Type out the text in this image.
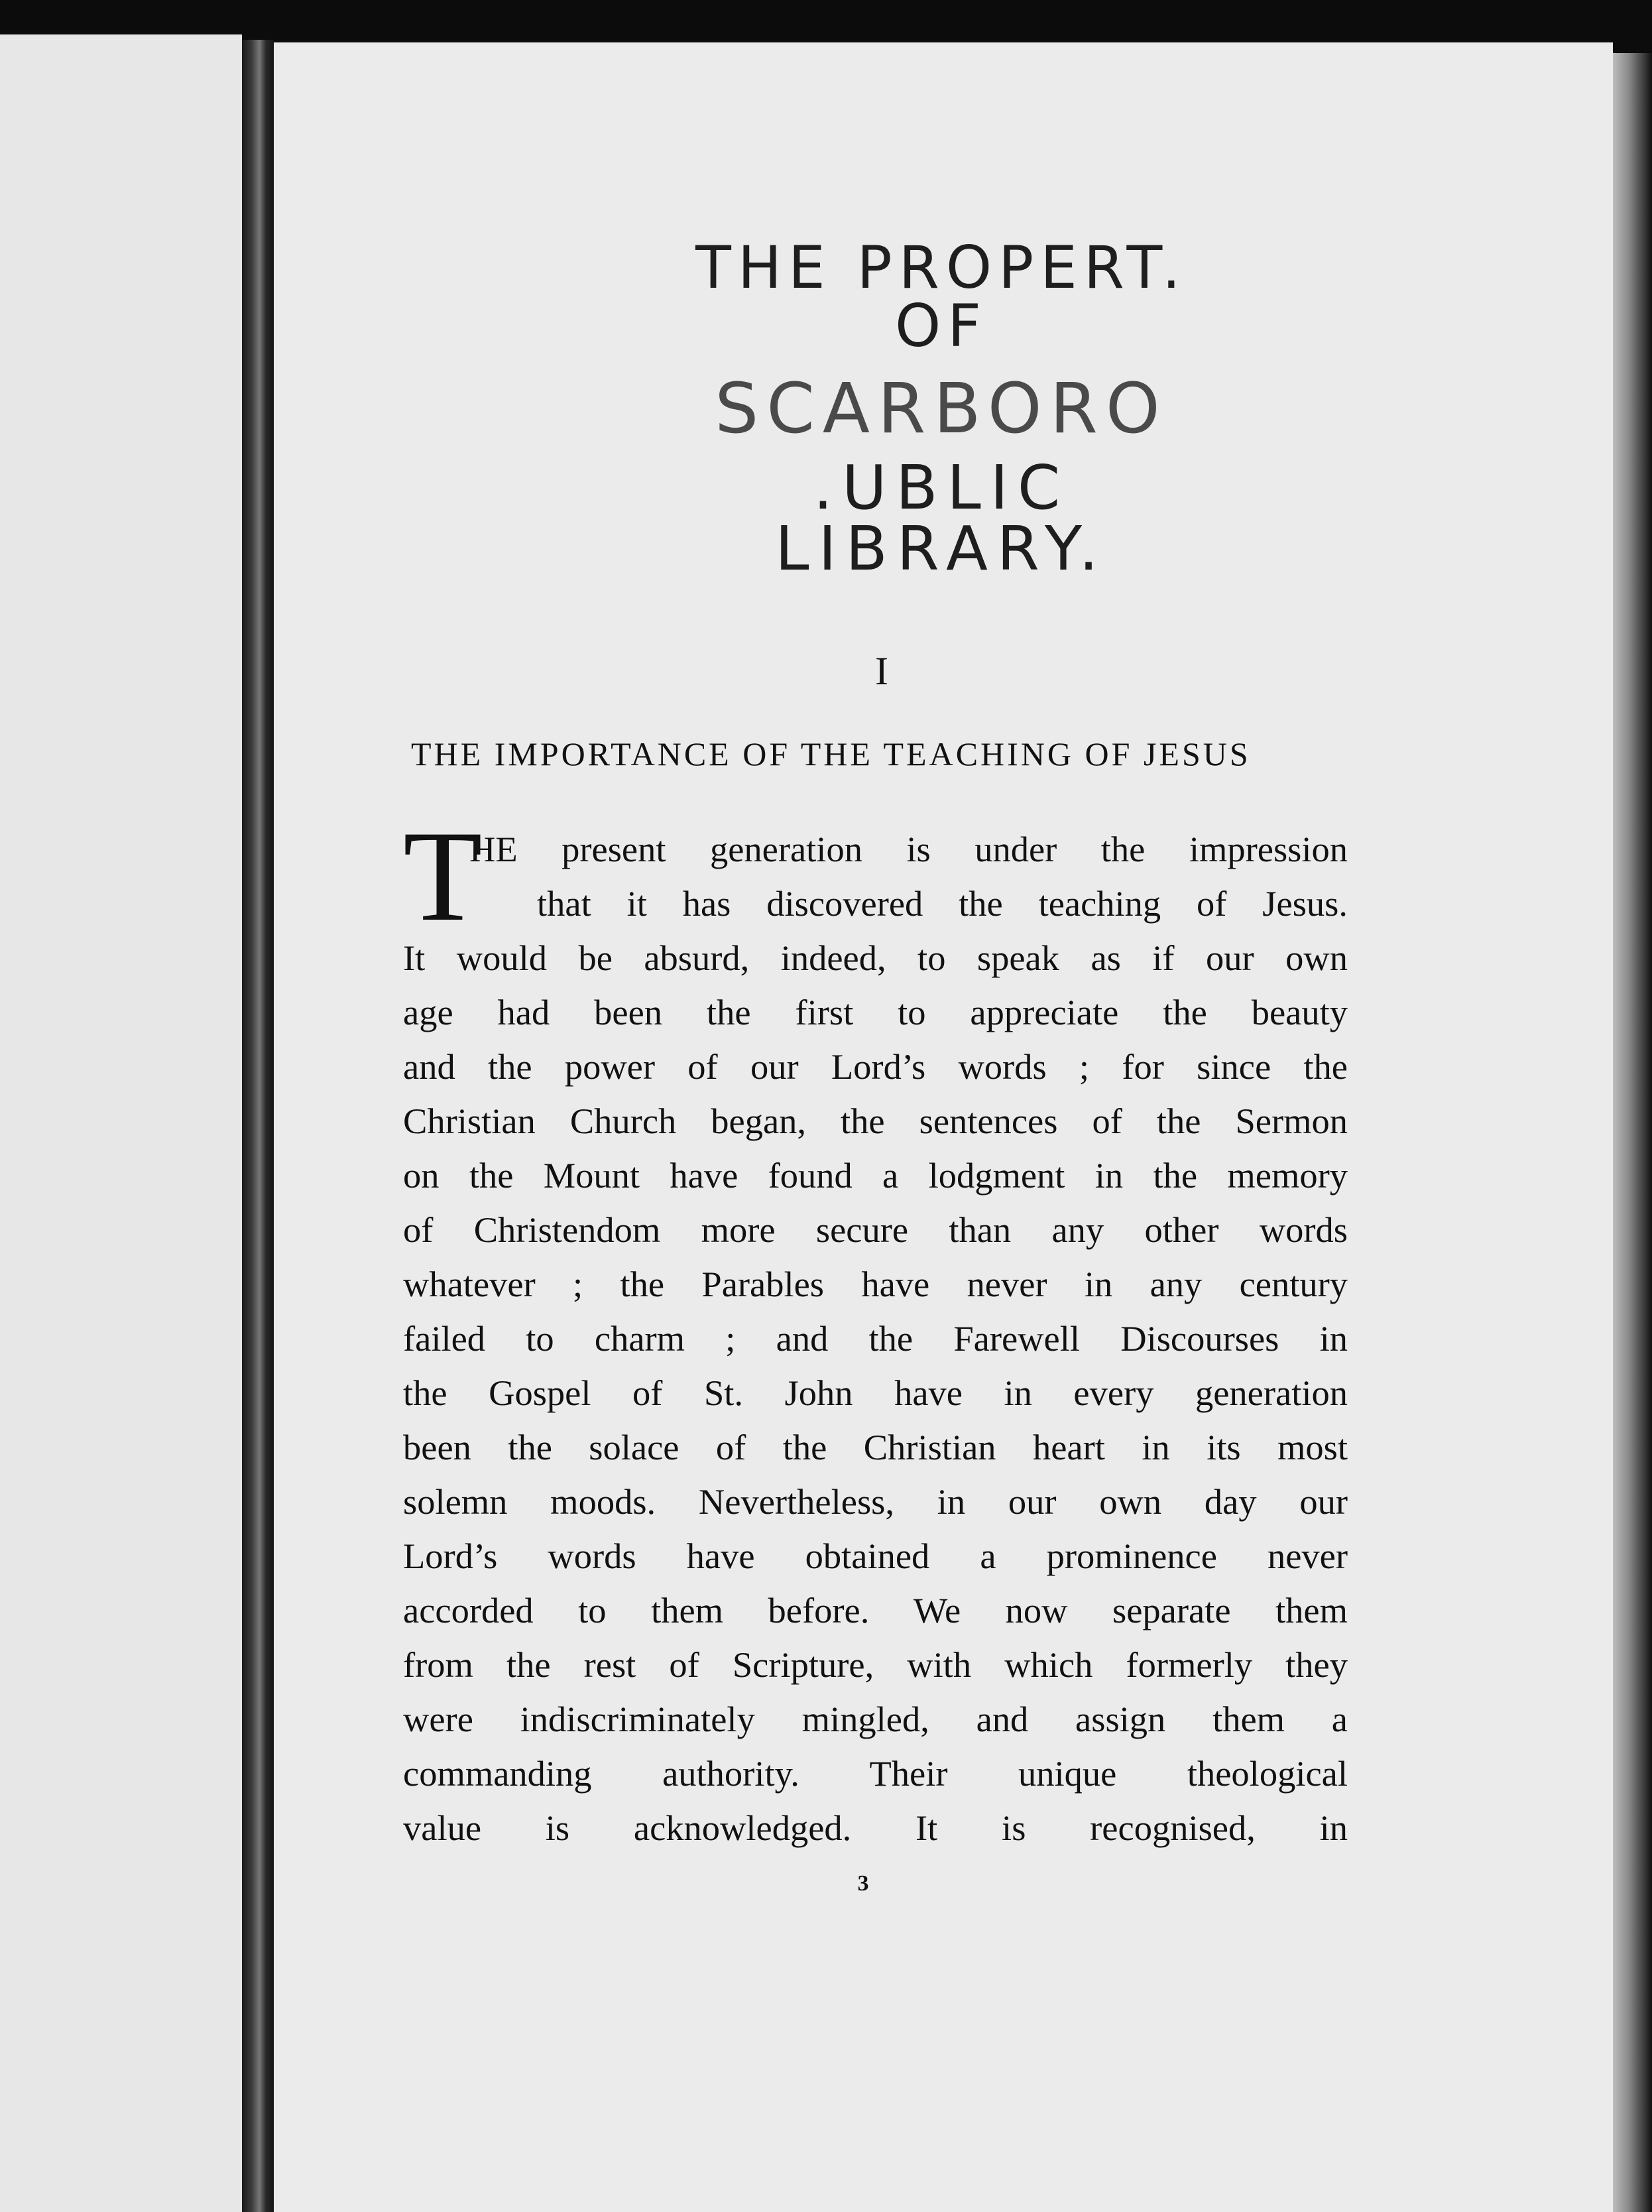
THE PROPERT. OF
SCARBORO
.UBLIC LIBRARY.
I
THE IMPORTANCE OF THE TEACHING OF JESUS
T
HE present generation is under the impression
that it has discovered the teaching of Jesus.
It would be absurd, indeed, to speak as if our own
age had been the first to appreciate the beauty
and the power of our Lord’s words ; for since the
Christian Church began, the sentences of the Sermon
on the Mount have found a lodgment in the memory
of Christendom more secure than any other words
whatever ; the Parables have never in any century
failed to charm ; and the Farewell Discourses in
the Gospel of St. John have in every generation
been the solace of the Christian heart in its most
solemn moods. Nevertheless, in our own day our
Lord’s words have obtained a prominence never
accorded to them before. We now separate them
from the rest of Scripture, with which formerly they
were indiscriminately mingled, and assign them a
commanding authority. Their unique theological
value is acknowledged. It is recognised, in
3
